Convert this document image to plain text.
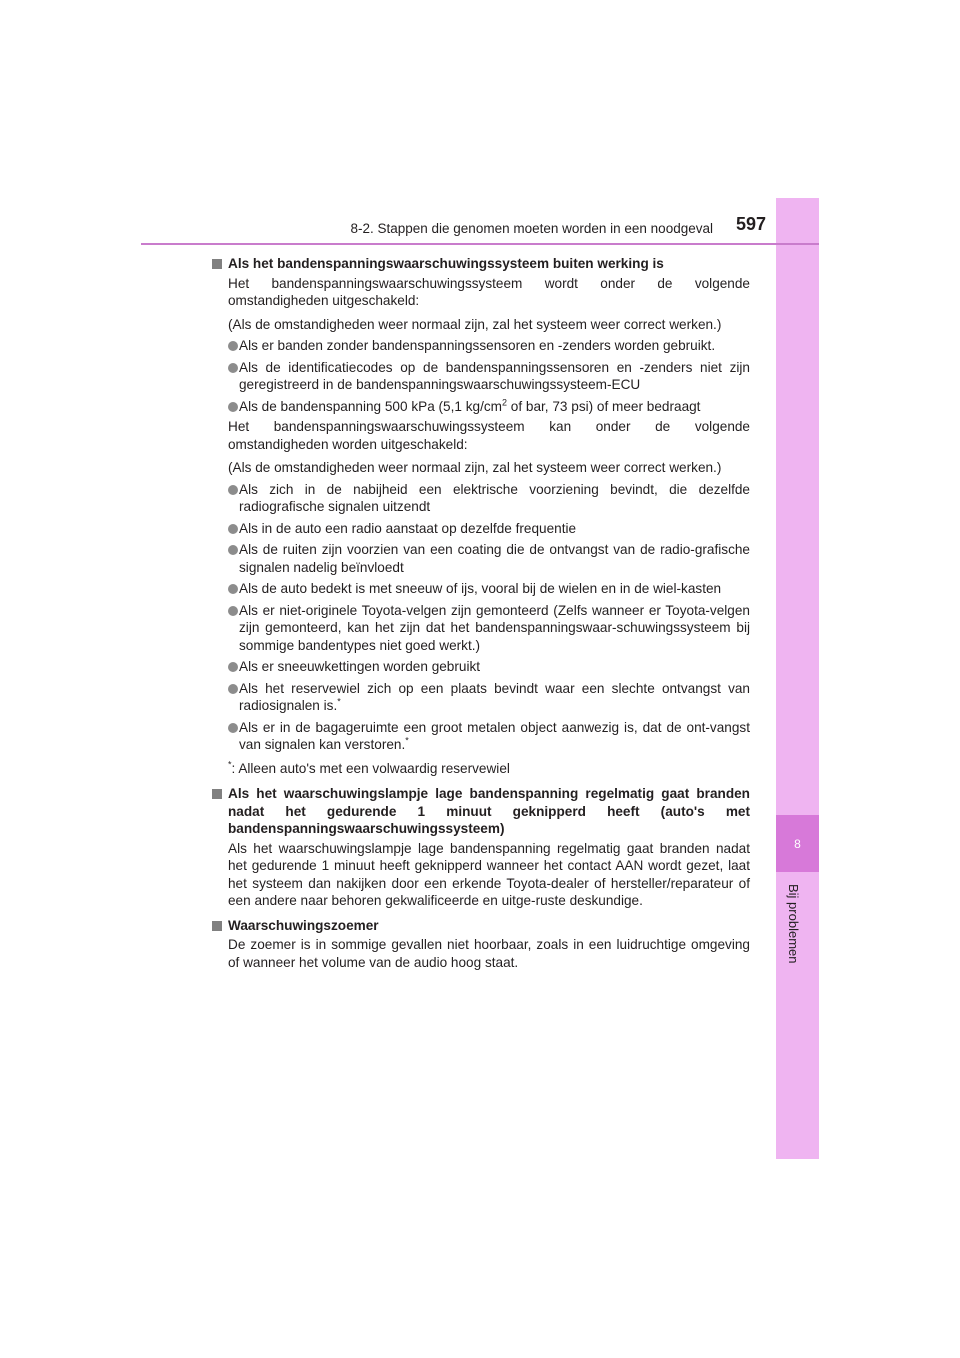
8
Bij problemen
8-2. Stappen die genomen moeten worden in een noodgeval 597
Als het bandenspanningswaarschuwingssysteem buiten werking is

Het bandenspanningswaarschuwingssysteem wordt onder de volgende omstandigheden uitgeschakeld:

(Als de omstandigheden weer normaal zijn, zal het systeem weer correct werken.)

Als er banden zonder bandenspanningssensoren en -zenders worden gebruikt.
Als de identificatiecodes op de bandenspanningssensoren en -zenders niet zijn geregistreerd in de bandenspanningswaarschuwingssysteem-ECU
Als de bandenspanning 500 kPa (5,1 $kg/cm^2$ of bar, 73 psi) of meer bedraagt

Het bandenspanningswaarschuwingssysteem kan onder de volgende omstandigheden worden uitgeschakeld:

(Als de omstandigheden weer normaal zijn, zal het systeem weer correct werken.)

Als zich in de nabijheid een elektrische voorziening bevindt, die dezelfde radiografische signalen uitzendt
Als in de auto een radio aanstaat op dezelfde frequentie
Als de ruiten zijn voorzien van een coating die de ontvangst van de radio-grafische signalen nadelig beïnvloedt
Als de auto bedekt is met sneeuw of ijs, vooral bij de wielen en in de wiel-kasten
Als er niet-originele Toyota-velgen zijn gemonteerd (Zelfs wanneer er Toyota-velgen zijn gemonteerd, kan het zijn dat het bandenspanningswaar-schuwingssysteem bij sommige bandentypes niet goed werkt.)
Als er sneeuwkettingen worden gebruikt
Als het reservewiel zich op een plaats bevindt waar een slechte ontvangst van radiosignalen is.*
Als er in de bagageruimte een groot metalen object aanwezig is, dat de ont-vangst van signalen kan verstoren.*

*: Alleen auto's met een volwaardig reservewiel

Als het waarschuwingslampje lage bandenspanning regelmatig gaat branden nadat het gedurende 1 minuut geknipperd heeft (auto's met bandenspanningswaarschuwingssysteem)

Als het waarschuwingslampje lage bandenspanning regelmatig gaat branden nadat het gedurende 1 minuut heeft geknipperd wanneer het contact AAN wordt gezet, laat het systeem dan nakijken door een erkende Toyota-dealer of hersteller/reparateur of een andere naar behoren gekwalificeerde en uitge-ruste deskundige.

Waarschuwingszoemer

De zoemer is in sommige gevallen niet hoorbaar, zoals in een luidruchtige omgeving of wanneer het volume van de audio hoog staat.
